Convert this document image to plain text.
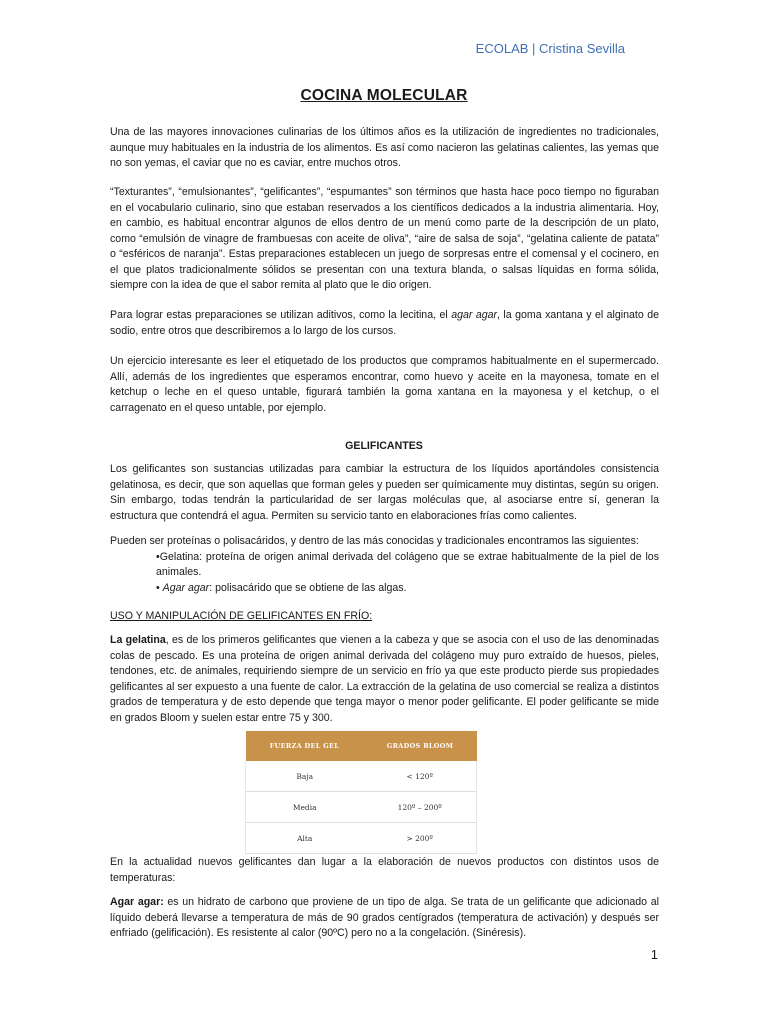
ECOLAB | Cristina Sevilla
COCINA MOLECULAR

Una de las mayores innovaciones culinarias de los últimos años es la utilización de ingredientes no tradicionales, aunque muy habituales en la industria de los alimentos. Es así como nacieron las gelatinas calientes, las yemas que no son yemas, el caviar que no es caviar, entre muchos otros.

“Texturantes”, “emulsionantes”, “gelificantes”, “espumantes” son términos que hasta hace poco tiempo no figuraban en el vocabulario culinario, sino que estaban reservados a los científicos dedicados a la industria alimentaria. Hoy, en cambio, es habitual encontrar algunos de ellos dentro de un menú como parte de la descripción de un plato, como “emulsión de vinagre de frambuesas con aceite de oliva”, “aire de salsa de soja”, “gelatina caliente de patata” o “esféricos de naranja”. Estas preparaciones establecen un juego de sorpresas entre el comensal y el cocinero, en el que platos tradicionalmente sólidos se presentan con una textura blanda, o salsas líquidas en forma sólida, siempre con la idea de que el sabor remita al plato que le dio origen.

Para lograr estas preparaciones se utilizan aditivos, como la lecitina, el agar agar, la goma xantana y el alginato de sodio, entre otros que describiremos a lo largo de los cursos.

Un ejercicio interesante es leer el etiquetado de los productos que compramos habitualmente en el supermercado. Allí, además de los ingredientes que esperamos encontrar, como huevo y aceite en la mayonesa, tomate en el ketchup o leche en el queso untable, figurará también la goma xantana en la mayonesa y el ketchup, o el carragenato en el queso untable, por ejemplo.

GELIFICANTES

Los gelificantes son sustancias utilizadas para cambiar la estructura de los líquidos aportándoles consistencia gelatinosa, es decir, que son aquellas que forman geles y pueden ser químicamente muy distintas, según su origen. Sin embargo, todas tendrán la particularidad de ser largas moléculas que, al asociarse entre sí, generan la estructura que contendrá el agua. Permiten su servicio tanto en elaboraciones frías como calientes.

Pueden ser proteínas o polisacáridos, y dentro de las más conocidas y tradicionales encontramos las siguientes:

•Gelatina: proteína de origen animal derivada del colágeno que se extrae habitualmente de la piel de los animales.

• Agar agar: polisacárido que se obtiene de las algas.

USO Y MANIPULACIÓN DE GELIFICANTES EN FRÍO:

La gelatina, es de los primeros gelificantes que vienen a la cabeza y que se asocia con el uso de las denominadas colas de pescado. Es una proteína de origen animal derivada del colágeno muy puro extraído de huesos, pieles, tendones, etc. de animales, requiriendo siempre de un servicio en frío ya que este producto pierde sus propiedades gelificantes al ser expuesto a una fuente de calor. La extracción de la gelatina de uso comercial se realiza a distintos grados de temperatura y de esto depende que tenga mayor o menor poder gelificante. El poder gelificante se mide en grados Bloom y suelen estar entre 75 y 300.

FUERZA DEL GEL	GRADOS BLOOM
Baja	< 120º
Media	120º – 200º
Alta	> 200º

En la actualidad nuevos gelificantes dan lugar a la elaboración de nuevos productos con distintos usos de temperaturas:

Agar agar: es un hidrato de carbono que proviene de un tipo de alga. Se trata de un gelificante que adicionado al líquido deberá llevarse a temperatura de más de 90 grados centígrados (temperatura de activación) y después ser enfriado (gelificación). Es resistente al calor (90ºC) pero no a la congelación. (Sinéresis).

1
